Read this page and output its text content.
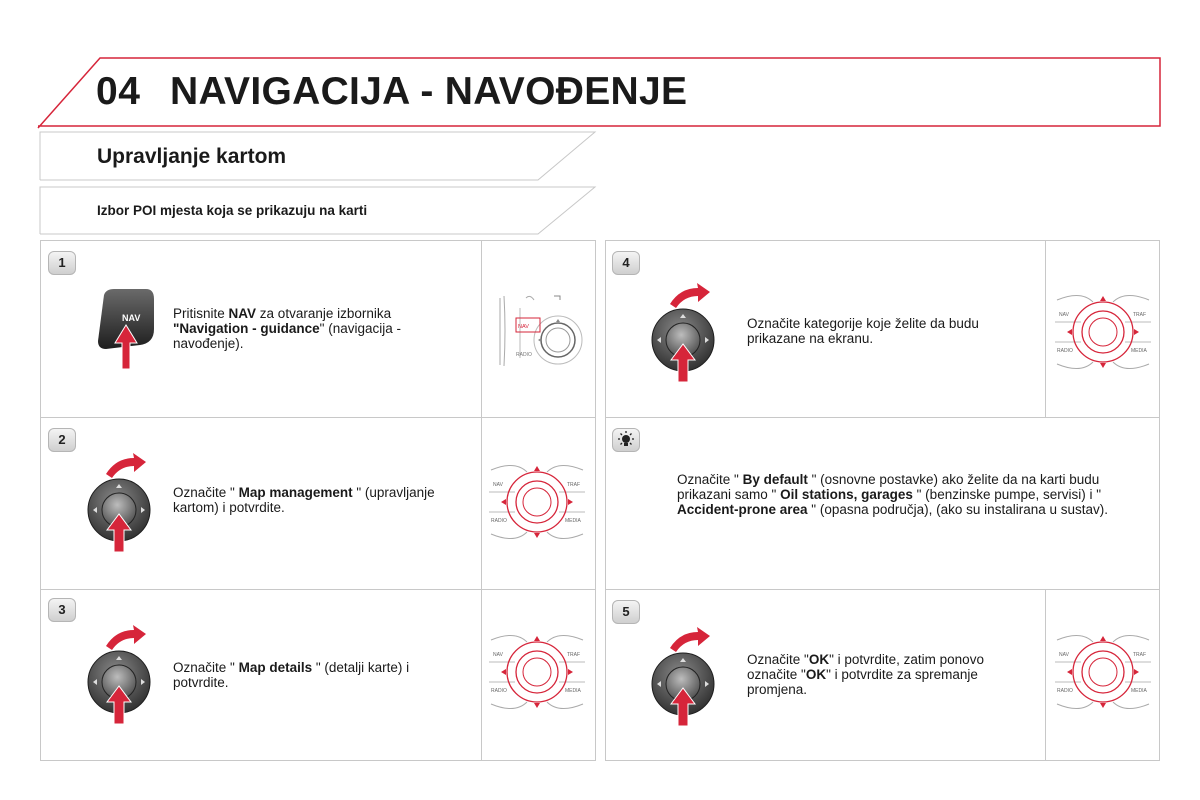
04 NAVIGACIJA - NAVOĐENJE
Upravljanje kartom
Izbor POI mjesta koja se prikazuju na karti
1
NAV Pritisnite NAV za otvaranje izbornika "Navigation - guidance" (navigacija - navođenje).
NAV
RADIO
2
Označite " Map management " (upravljanje kartom) i potvrdite.
NAV	TRAF
RADIO	MEDIA
3
Označite " Map details " (detalji karte) i potvrdite.
NAV	TRAF
RADIO	MEDIA
4
Označite kategorije koje želite da budu prikazane na ekranu.
NAV	TRAF
RADIO	MEDIA
Označite " By default " (osnovne postavke) ako želite da na karti budu prikazani samo " Oil stations, garages " (benzinske pumpe, servisi) i " Accident-prone area " (opasna područja), (ako su instalirana u sustav).
5
Označite "OK" i potvrdite, zatim ponovo označite "OK" i potvrdite za spremanje promjena.
NAV	TRAF
RADIO	MEDIA
